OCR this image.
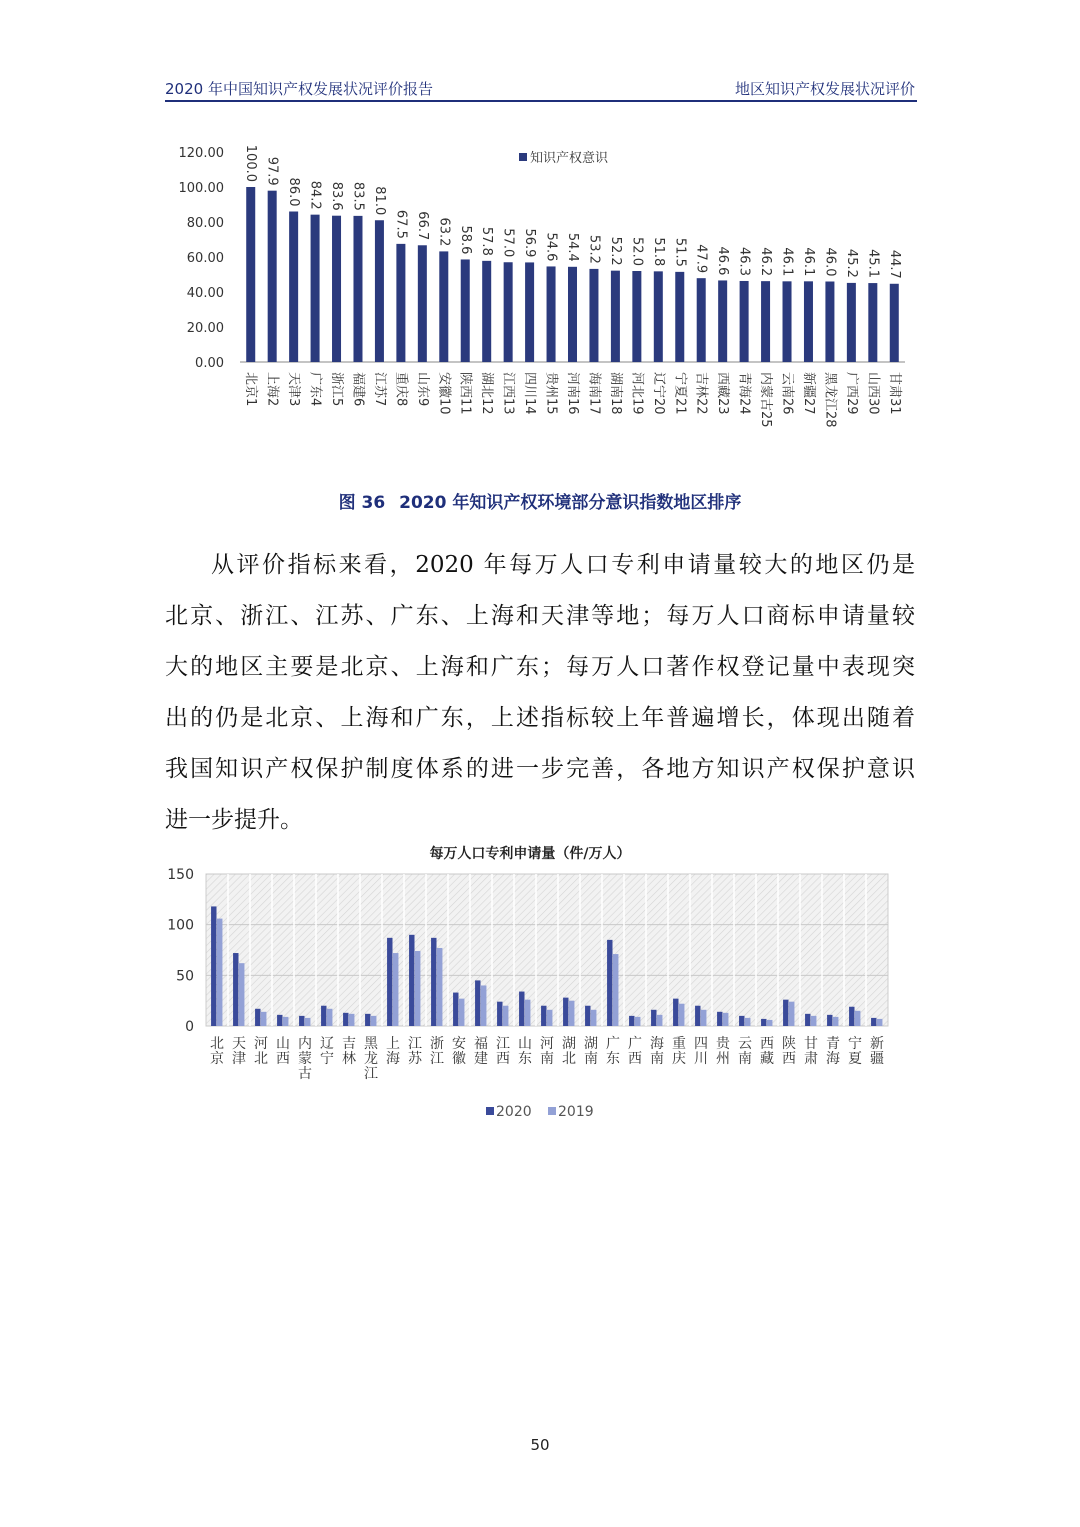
2020 年中国知识产权发展状况评价报告	地区知识产权发展状况评价
0.00
20.00
40.00
60.00
80.00
100.00
120.00 100.0
北京1
97.9
上海2
86.0
天津3
84.2
广东4
83.6
浙江5
83.5
福建6
81.0
江苏7
67.5
重庆8
66.7
山东9
63.2
安徽10
58.6
陕西11
57.8
湖北12
57.0
江西13
56.9
四川14
54.6
贵州15
54.4
河南16
53.2
海南17
52.2
湖南18
52.0
河北19
51.8
辽宁20
51.5
宁夏21
47.9
吉林22
46.6
西藏23
46.3
青海24
46.2
内蒙古25
46.1
云南26
46.1
新疆27
46.0
黑龙江28
45.2
广西29
45.1
山西30
44.7
甘肃31
知识产权意识
图 36 2020 年知识产权环境部分意识指数地区排序
从评价指标来看，2020 年每万人口专利申请量较大的地区仍是
北京、浙江、江苏、广东、上海和天津等地；每万人口商标申请量较
大的地区主要是北京、上海和广东；每万人口著作权登记量中表现突
出的仍是北京、上海和广东，上述指标较上年普遍增长，体现出随着
我国知识产权保护制度体系的进一步完善，各地方知识产权保护意识
进一步提升。
每万人口专利申请量（件/万人）
0
50
100
150
北
京
天
津
河
北
山
西
内
蒙
古
辽
宁
吉
林
黑
龙
江
上
海
江
苏
浙
江
安
徽
福
建
江
西
山
东
河
南
湖
北
湖
南
广
东
广
西
海
南
重
庆
四
川
贵
州
云
南
西
藏
陕
西
甘
肃
青
海
宁
夏
新
疆
2020 2019
50
